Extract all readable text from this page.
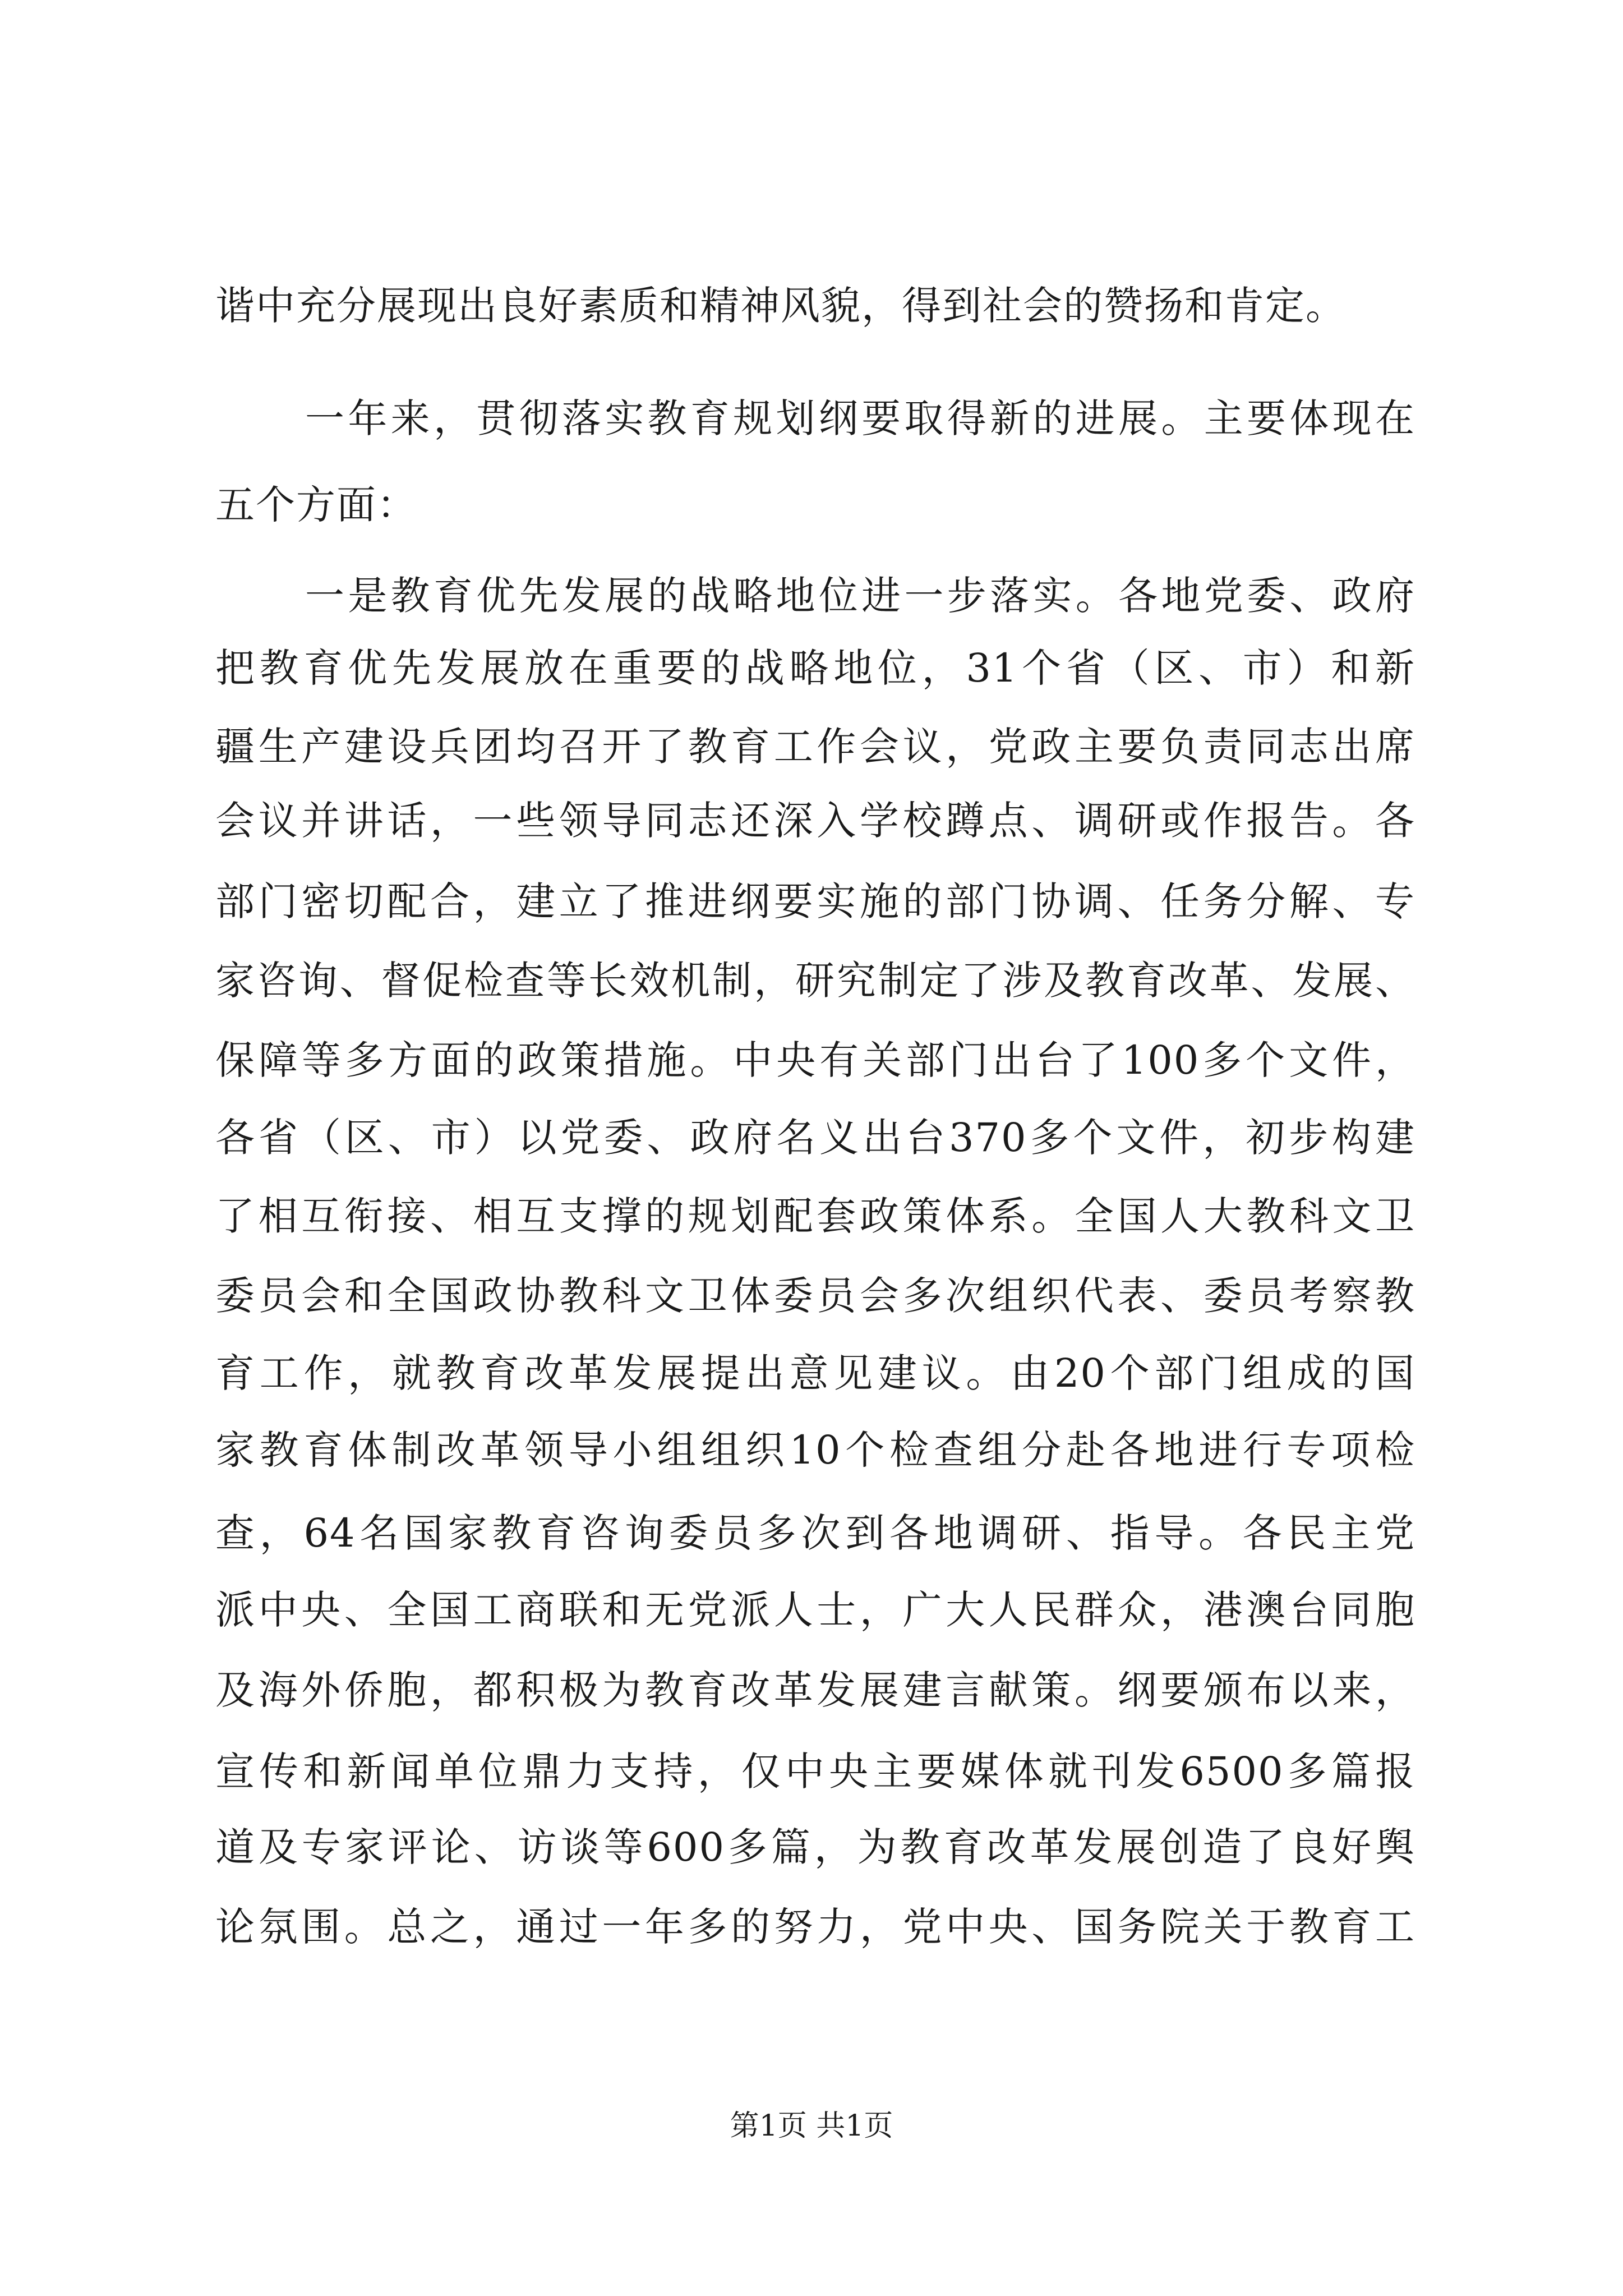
谐中充分展现出良好素质和精神风貌，得到社会的赞扬和肯定。
一年来，贯彻落实教育规划纲要取得新的进展。主要体现在
五个方面：
一是教育优先发展的战略地位进一步落实。各地党委、政府
把教育优先发展放在重要的战略地位，31个省（区、市）和新
疆生产建设兵团均召开了教育工作会议，党政主要负责同志出席
会议并讲话，一些领导同志还深入学校蹲点、调研或作报告。各
部门密切配合，建立了推进纲要实施的部门协调、任务分解、专
家咨询、督促检查等长效机制，研究制定了涉及教育改革、发展、
保障等多方面的政策措施。中央有关部门出台了100多个文件，
各省（区、市）以党委、政府名义出台370多个文件，初步构建
了相互衔接、相互支撑的规划配套政策体系。全国人大教科文卫
委员会和全国政协教科文卫体委员会多次组织代表、委员考察教
育工作，就教育改革发展提出意见建议。由20个部门组成的国
家教育体制改革领导小组组织10个检查组分赴各地进行专项检
查，64名国家教育咨询委员多次到各地调研、指导。各民主党
派中央、全国工商联和无党派人士，广大人民群众，港澳台同胞
及海外侨胞，都积极为教育改革发展建言献策。纲要颁布以来，
宣传和新闻单位鼎力支持，仅中央主要媒体就刊发6500多篇报
道及专家评论、访谈等600多篇，为教育改革发展创造了良好舆
论氛围。总之，通过一年多的努力，党中央、国务院关于教育工
第1页 共1页
